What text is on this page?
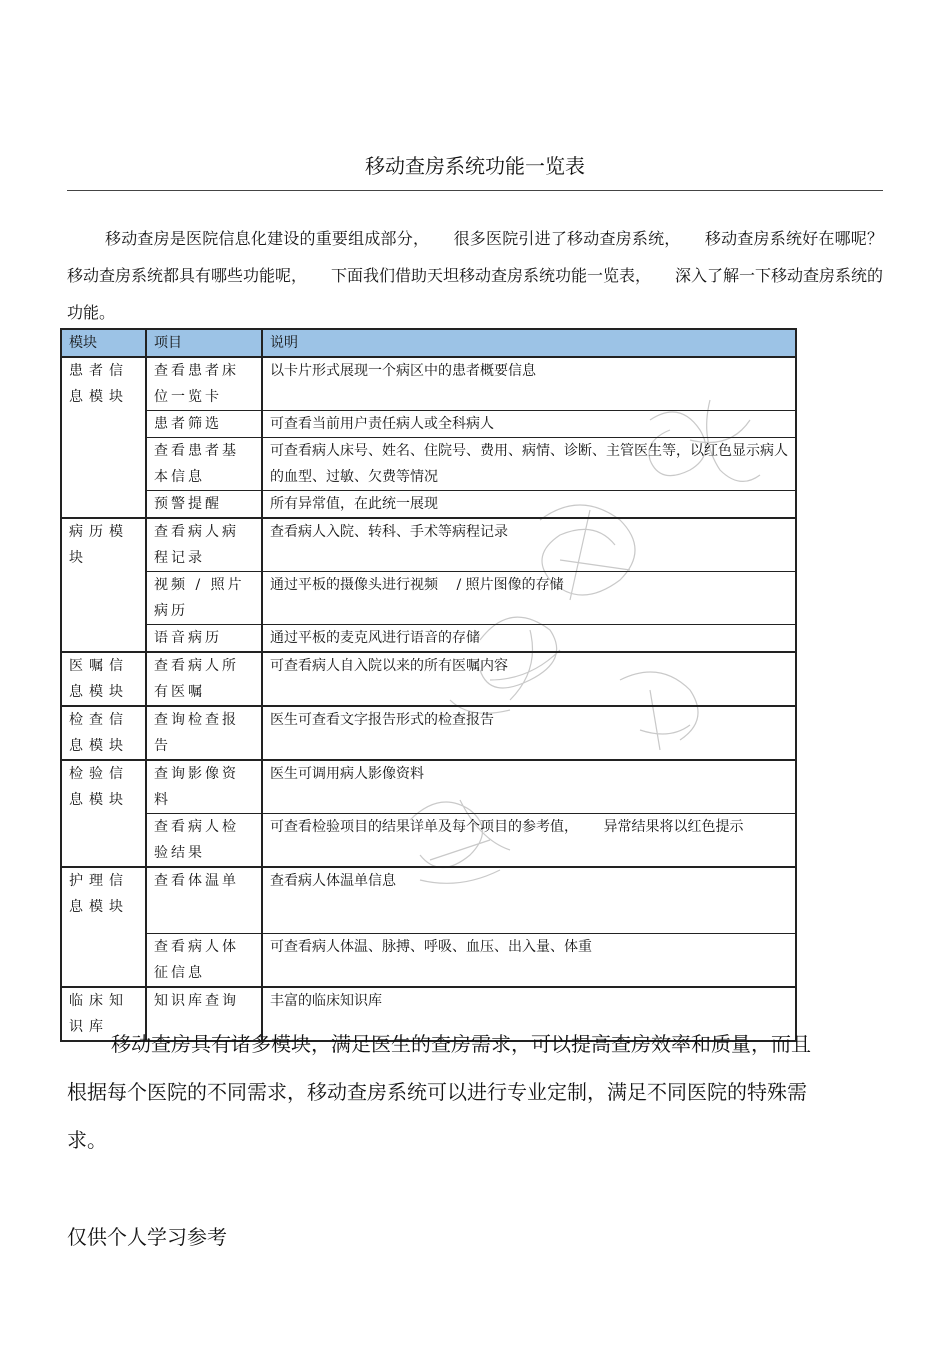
移动查房系统功能一览表

移动查房是医院信息化建设的重要组成部分，　　很多医院引进了移动查房系统，　　移动查房系统好在哪呢？移动查房系统都具有哪些功能呢，　　下面我们借助天坦移动查房系统功能一览表，　　深入了解一下移动查房系统的功能。

模块	项目	说明
患者信息模块	查看患者床位一览卡	以卡片形式展现一个病区中的患者概要信息
	患者筛选	可查看当前用户责任病人或全科病人
	查看患者基本信息	可查看病人床号、姓名、住院号、费用、病情、诊断、主管医生等，以红色显示病人的血型、过敏、欠费等情况
	预警提醒	所有异常值，在此统一展现
病历模块	查看病人病程记录	查看病人入院、转科、手术等病程记录
	视频 / 照片病历	通过平板的摄像头进行视频　 / 照片图像的存储
	语音病历	通过平板的麦克风进行语音的存储
医嘱信息模块	查看病人所有医嘱	可查看病人自入院以来的所有医嘱内容
检查信息模块	查询检查报告	医生可查看文字报告形式的检查报告
检验信息模块	查询影像资料	医生可调用病人影像资料
	查看病人检验结果	可查看检验项目的结果详单及每个项目的参考值，　　 异常结果将以红色提示
护理信息模块	查看体温单	查看病人体温单信息
	查看病人体征信息	可查看病人体温、脉搏、呼吸、血压、出入量、体重
临床知识库	知识库查询	丰富的临床知识库

移动查房具有诸多模块，满足医生的查房需求，可以提高查房效率和质量，而且根据每个医院的不同需求，移动查房系统可以进行专业定制，满足不同医院的特殊需求。

仅供个人学习参考
